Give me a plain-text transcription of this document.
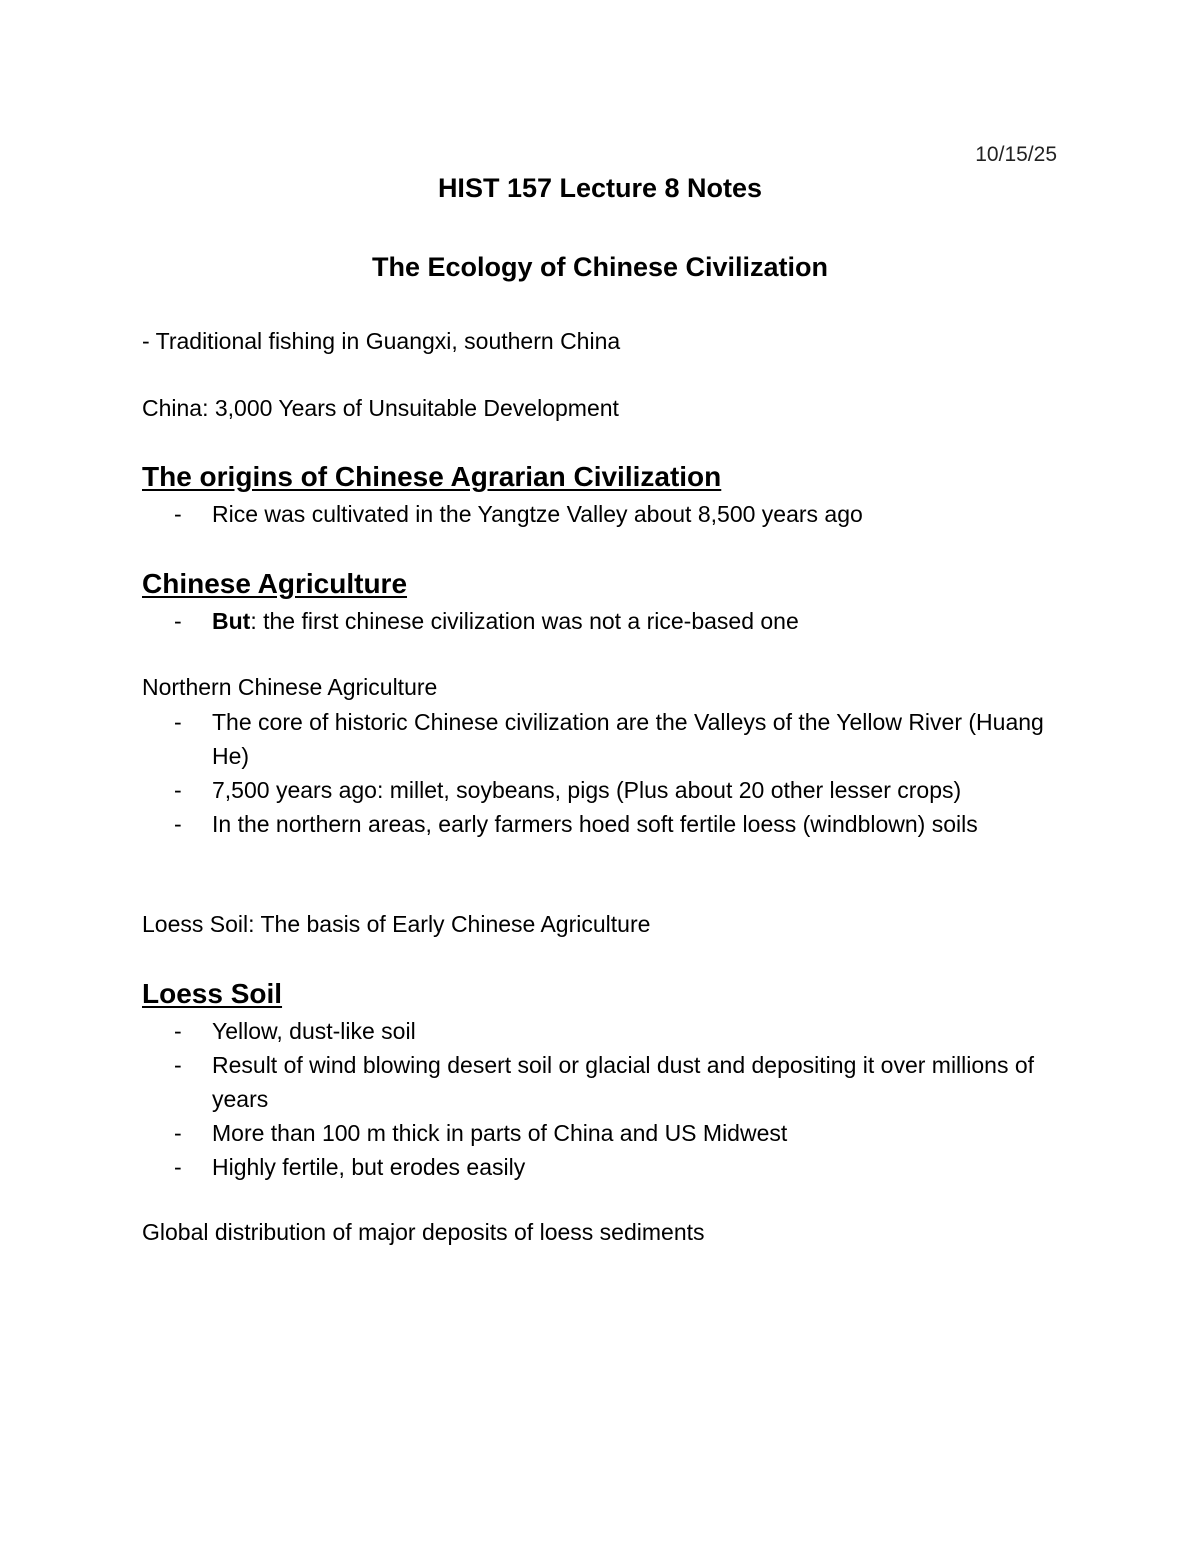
10/15/25
HIST 157 Lecture 8 Notes
The Ecology of Chinese Civilization
- Traditional fishing in Guangxi, southern China
China: 3,000 Years of Unsuitable Development
The origins of Chinese Agrarian Civilization
- Rice was cultivated in the Yangtze Valley about 8,500 years ago
Chinese Agriculture
- But: the first chinese civilization was not a rice-based one
Northern Chinese Agriculture
- The core of historic Chinese civilization are the Valleys of the Yellow River (Huang He)
- 7,500 years ago: millet, soybeans, pigs (Plus about 20 other lesser crops)
- In the northern areas, early farmers hoed soft fertile loess (windblown) soils
Loess Soil: The basis of Early Chinese Agriculture
Loess Soil
- Yellow, dust-like soil
- Result of wind blowing desert soil or glacial dust and depositing it over millions of years
- More than 100 m thick in parts of China and US Midwest
- Highly fertile, but erodes easily
Global distribution of major deposits of loess sediments
